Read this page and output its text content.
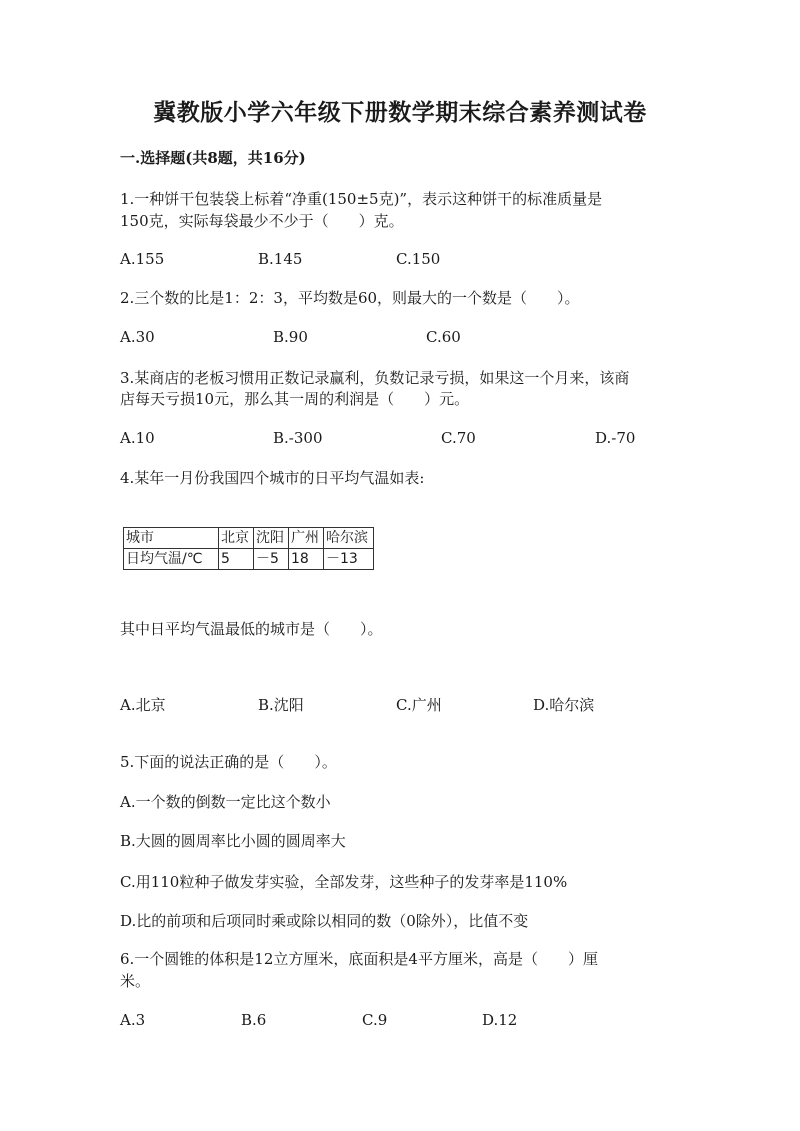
冀教版小学六年级下册数学期末综合素养测试卷
一.选择题(共8题，共16分)
1.一种饼干包装袋上标着“净重(150±5克)”，表示这种饼干的标准质量是
150克，实际每袋最少不少于（　　）克。
A.155	B.145	C.150
2.三个数的比是1：2：3，平均数是60，则最大的一个数是（　　）。
A.30	B.90	C.60
3.某商店的老板习惯用正数记录赢利，负数记录亏损，如果这一个月来，该商
店每天亏损10元，那么其一周的利润是（　　）元。
A.10	B.-300	C.70	D.-70
4.某年一月份我国四个城市的日平均气温如表:
城市	北京	沈阳	广州	哈尔滨
日均气温/℃	5	－5	18	－13
其中日平均气温最低的城市是（　　）。
A.北京	B.沈阳	C.广州	D.哈尔滨
5.下面的说法正确的是（　　）。
A.一个数的倒数一定比这个数小
B.大圆的圆周率比小圆的圆周率大
C.用110粒种子做发芽实验，全部发芽，这些种子的发芽率是110%
D.比的前项和后项同时乘或除以相同的数（0除外），比值不变
6.一个圆锥的体积是12立方厘米，底面积是4平方厘米，高是（　　）厘
米。
A.3	B.6	C.9	D.12
